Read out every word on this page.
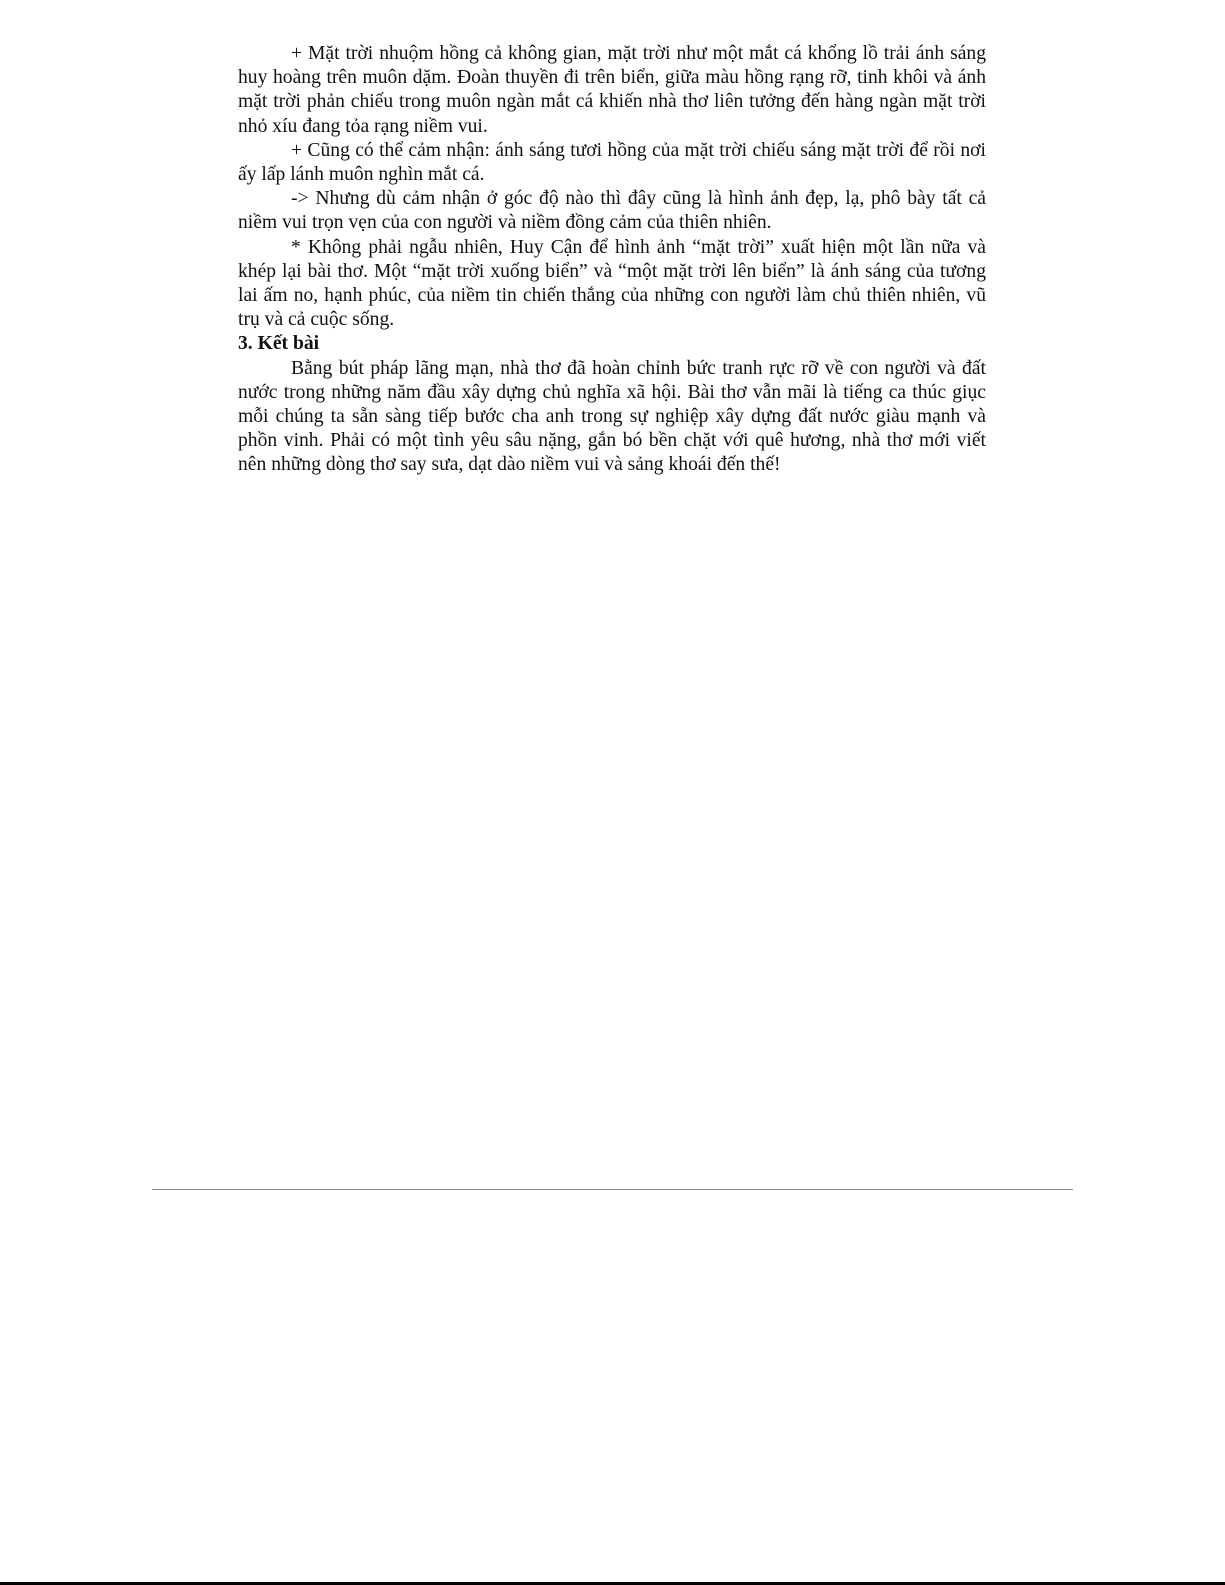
+ Mặt trời nhuộm hồng cả không gian, mặt trời như một mắt cá khổng lồ trải ánh sáng huy hoàng trên muôn dặm. Đoàn thuyền đi trên biển, giữa màu hồng rạng rỡ, tinh khôi và ánh mặt trời phản chiếu trong muôn ngàn mắt cá khiến nhà thơ liên tưởng đến hàng ngàn mặt trời nhỏ xíu đang tỏa rạng niềm vui.

+ Cũng có thể cảm nhận: ánh sáng tươi hồng của mặt trời chiếu sáng mặt trời để rồi nơi ấy lấp lánh muôn nghìn mắt cá.

-> Nhưng dù cảm nhận ở góc độ nào thì đây cũng là hình ảnh đẹp, lạ, phô bày tất cả niềm vui trọn vẹn của con người và niềm đồng cảm của thiên nhiên.

* Không phải ngẫu nhiên, Huy Cận để hình ảnh “mặt trời” xuất hiện một lần nữa và khép lại bài thơ. Một “mặt trời xuống biển” và “một mặt trời lên biển” là ánh sáng của tương lai ấm no, hạnh phúc, của niềm tin chiến thắng của những con người làm chủ thiên nhiên, vũ trụ và cả cuộc sống.

3. Kết bài

Bằng bút pháp lãng mạn, nhà thơ đã hoàn chỉnh bức tranh rực rỡ về con người và đất nước trong những năm đầu xây dựng chủ nghĩa xã hội. Bài thơ vẫn mãi là tiếng ca thúc giục mỗi chúng ta sẵn sàng tiếp bước cha anh trong sự nghiệp xây dựng đất nước giàu mạnh và phồn vinh. Phải có một tình yêu sâu nặng, gắn bó bền chặt với quê hương, nhà thơ mới viết nên những dòng thơ say sưa, dạt dào niềm vui và sảng khoái đến thế!
